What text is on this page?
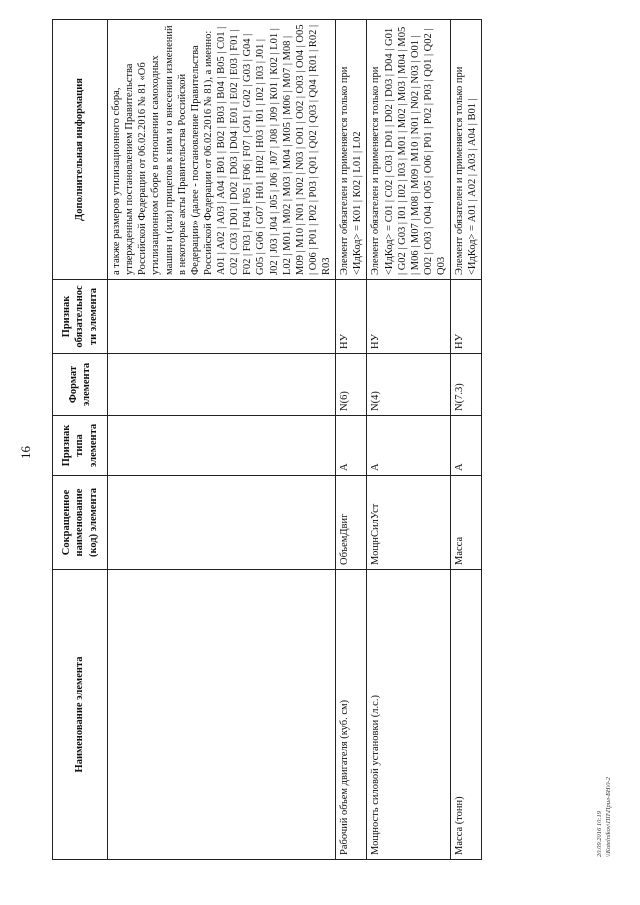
16
Наименование элемента	Сокращенное наименование (код) элемента	Признак типа элемента	Формат элемента	Признак обязательности элемента	Дополнительная информация
					а также размеров утилизационного сбора, утвержденным постановлением Правительства Российской Федерации от 06.02.2016 № 81 «Об утилизационном сборе в отношении самоходных машин и (или) прицепов к ним и о внесении изменений в некоторые акты Правительства Российской Федерации» (далее - постановление Правительства Российской Федерации от 06.02.2016 № 81), а именно: А01 | А02 | А03 | А04 | В01 | В02 | В03 | В04 | В05 | С01 | С02 | С03 | D01 | D02 | D03 | D04 | Е01 | Е02 | Е03 | F01 | F02 | F03 | F04 | F05 | F06 | F07 | G01 | G02 | G03 | G04 | G05 | G06 | G07 | Н01 | Н02 | Н03 | I01 | I02 | I03 | J01 | J02 | J03 | J04 | J05 | J06 | J07 | J08 | J09 | К01 | К02 | L01 | L02 | М01 | М02 | М03 | М04 | М05 | М06 | М07 | М08 | М09 | М10 | N01 | N02 | N03 | О01 | О02 | О03 | О04 | О05 | О06 | Р01 | Р02 | Р03 | Q01 | Q02 | Q03 | Q04 | R01 | R02 | R03
Рабочий объем двигателя (куб. см)	ОбъемДвиг	А	N(6)	НУ	Элемент обязателен и применяется только при <ИдКод> = К01 | К02 | L01 | L02
Мощность силовой установки (л.с.)	МощнСилУст	А	N(4)	НУ	Элемент обязателен и применяется только при <ИдКод> = С01 | С02 | С03 | D01 | D02 | D03 | D04 | G01 | G02 | G03 | I01 | I02 | I03 | М01 | М02 | М03 | М04 | М05 | М06 | М07 | М08 | М09 | М10 | N01 | N02 | N03 | О01 | О02 | О03 | О04 | О05 | О06 | Р01 | Р02 | Р03 | Q01 | Q02 | Q03
Масса (тонн)	Масса	А	N(7.3)	НУ	Элемент обязателен и применяется только при <ИдКод> = А01 | А02 | А03 | А04 | В01 |
20.09.2016 10:19 \\Kotelnikov\ПП\Прил-БН\0-2
